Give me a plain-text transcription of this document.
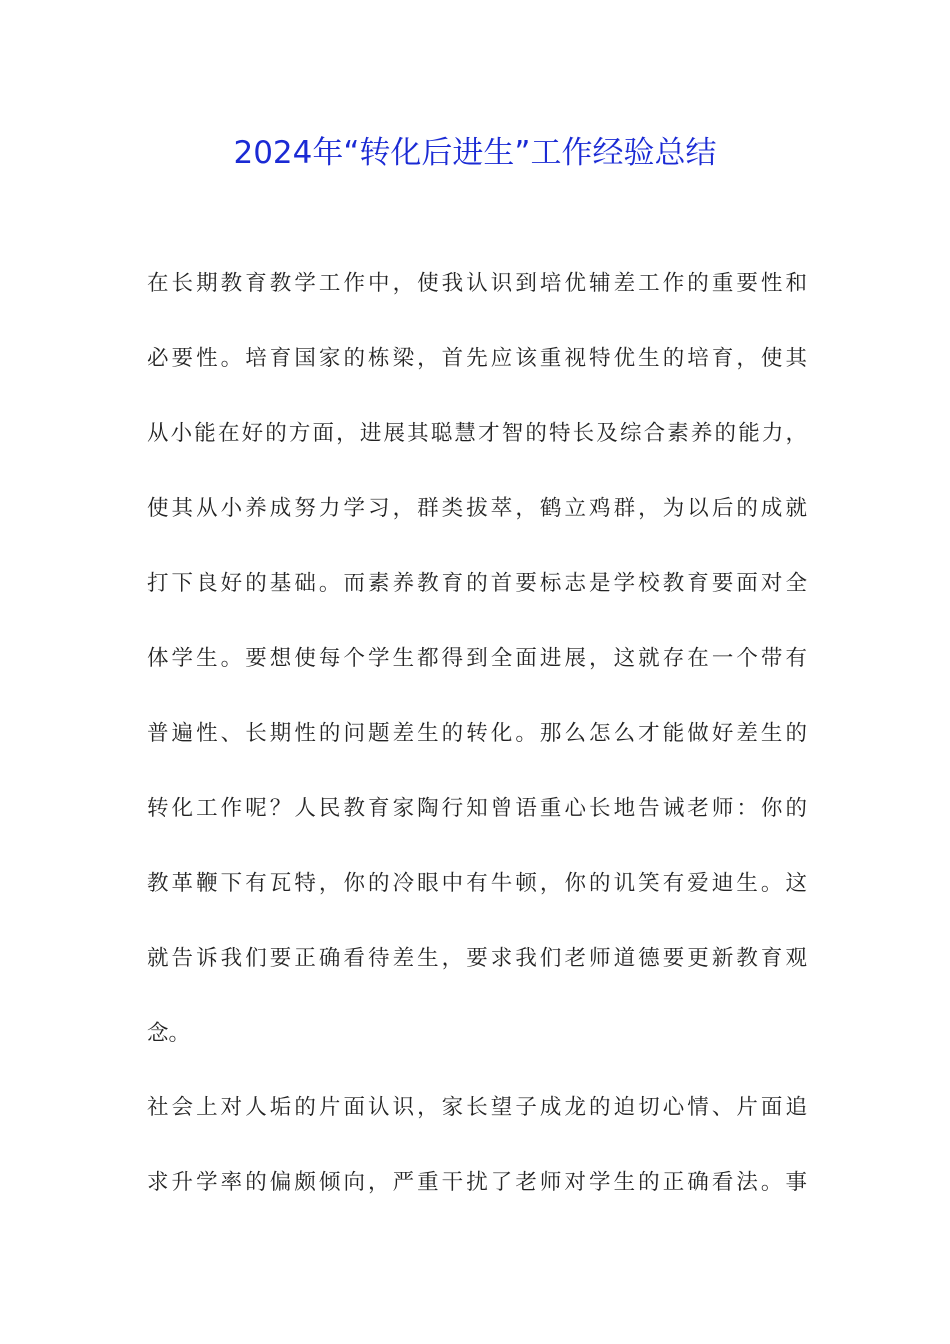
2024年“转化后进生”工作经验总结
在长期教育教学工作中，使我认识到培优辅差工作的重要性和
必要性。培育国家的栋梁，首先应该重视特优生的培育，使其
从小能在好的方面，进展其聪慧才智的特长及综合素养的能力，
使其从小养成努力学习，群类拔萃，鹤立鸡群，为以后的成就
打下良好的基础。而素养教育的首要标志是学校教育要面对全
体学生。要想使每个学生都得到全面进展，这就存在一个带有
普遍性、长期性的问题差生的转化。那么怎么才能做好差生的
转化工作呢？人民教育家陶行知曾语重心长地告诫老师：你的
教革鞭下有瓦特，你的冷眼中有牛顿，你的讥笑有爱迪生。这
就告诉我们要正确看待差生，要求我们老师道德要更新教育观
念。
社会上对人垢的片面认识，家长望子成龙的迫切心情、片面追
求升学率的偏颇倾向，严重干扰了老师对学生的正确看法。事
